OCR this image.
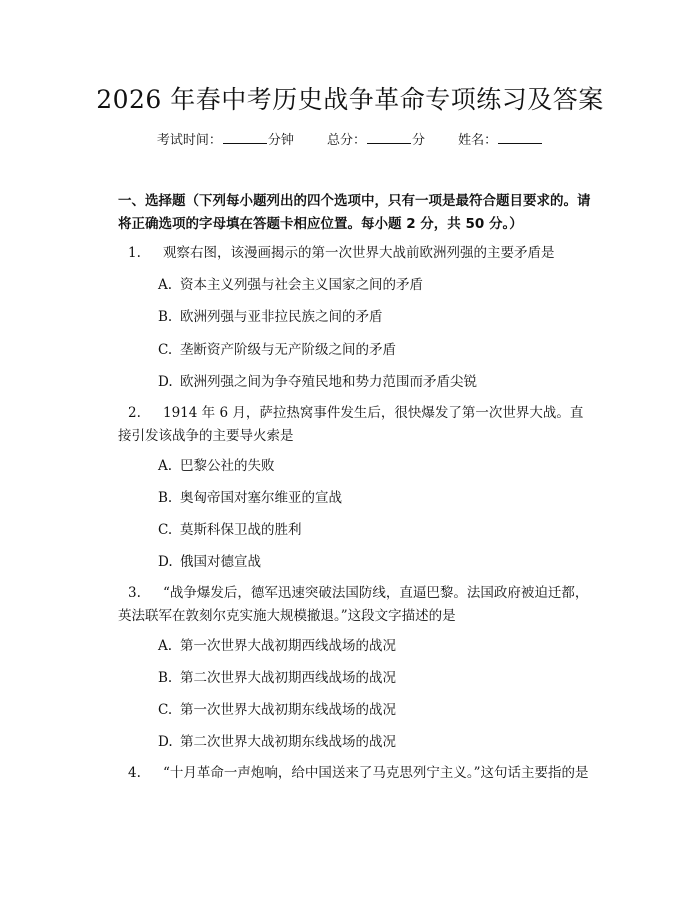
2026 年春中考历史战争革命专项练习及答案
考试时间：	分钟	总分：	分	姓名：
一、选择题（下列每小题列出的四个选项中，只有一项是最符合题目要求的。请将正确选项的字母填在答题卡相应位置。每小题 2 分，共 50 分。）
1. 观察右图，该漫画揭示的第一次世界大战前欧洲列强的主要矛盾是
A. 资本主义列强与社会主义国家之间的矛盾
B. 欧洲列强与亚非拉民族之间的矛盾
C. 垄断资产阶级与无产阶级之间的矛盾
D. 欧洲列强之间为争夺殖民地和势力范围而矛盾尖锐
2. 1914 年 6 月，萨拉热窝事件发生后，很快爆发了第一次世界大战。直接引发该战争的主要导火索是
A. 巴黎公社的失败
B. 奥匈帝国对塞尔维亚的宣战
C. 莫斯科保卫战的胜利
D. 俄国对德宣战
3. “战争爆发后，德军迅速突破法国防线，直逼巴黎。法国政府被迫迁都，英法联军在敦刻尔克实施大规模撤退。”这段文字描述的是
A. 第一次世界大战初期西线战场的战况
B. 第二次世界大战初期西线战场的战况
C. 第一次世界大战初期东线战场的战况
D. 第二次世界大战初期东线战场的战况
4. “十月革命一声炮响，给中国送来了马克思列宁主义。”这句话主要指的是
